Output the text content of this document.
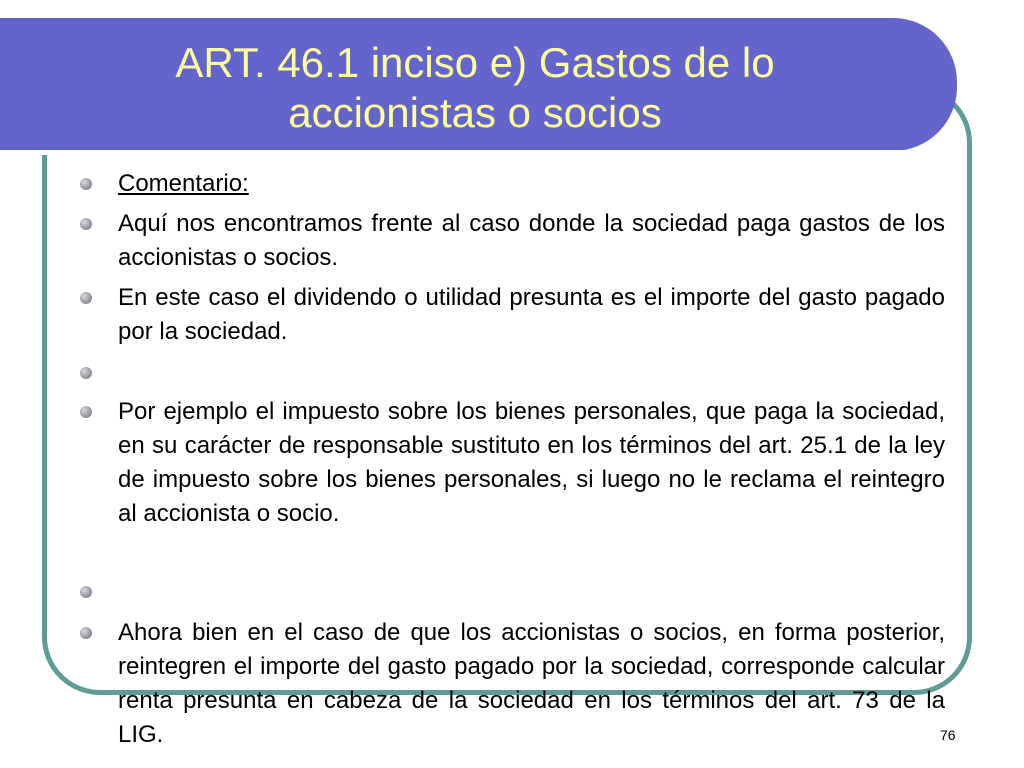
ART. 46.1 inciso e) Gastos de lo
accionistas o socios

Comentario:

Aquí nos encontramos frente al caso donde la sociedad paga gastos de los accionistas o socios.

En este caso el dividendo o utilidad presunta es el importe del gasto pagado por la sociedad.

Por ejemplo el impuesto sobre los bienes personales, que paga la sociedad, en su carácter de responsable sustituto en los términos del art. 25.1 de la ley de impuesto sobre los bienes personales, si luego no le reclama el reintegro al accionista o socio.

Ahora bien en el caso de que los accionistas o socios, en forma posterior, reintegren el importe del gasto pagado por la sociedad, corresponde calcular renta presunta en cabeza de la sociedad en los términos del art. 73 de la LIG.	76
